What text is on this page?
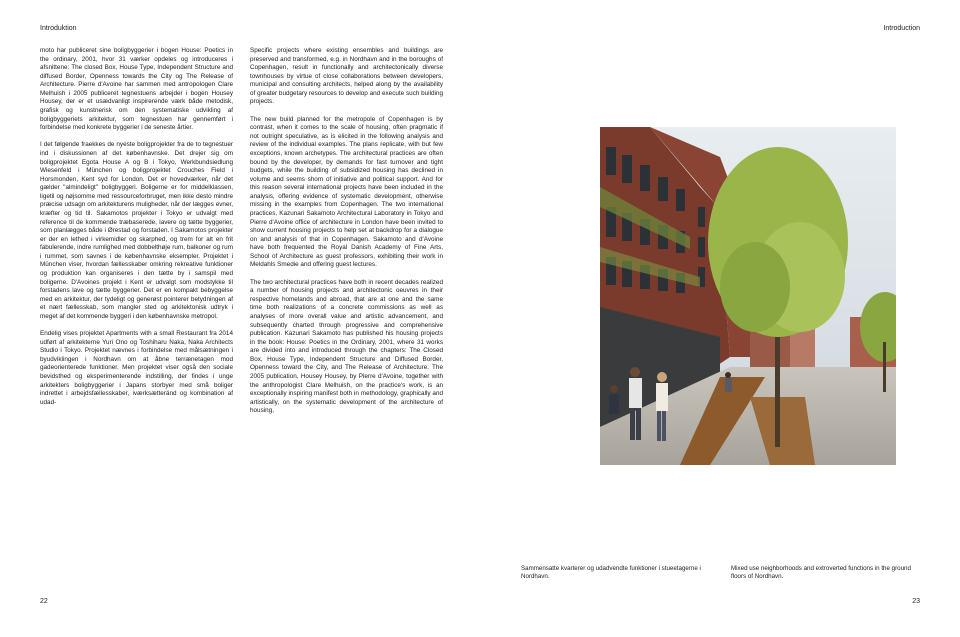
Introduktion	Introduction

moto har publiceret sine boligbyggerier i bogen House: Poetics in the ordinary, 2001, hvor 31 værker opdeles og introduceres i afsnittene: The closed Box, House Type, Independent Structure and diffused Border, Openness towards the City og The Release of Architecture. Pierre d'Avoine har sammen med antropologen Clare Melhuish i 2005 publiceret tegnestuens arbejder i bogen Housey Housey, der er et usædvanligt inspirerende værk både metodisk, grafisk og kunstnerisk om den systematiske udvikling af boligbyggeriets arkitektur, som tegnestuen har gennemført i forbindelse med konkrete byggerier i de seneste årtier.

I det følgende fraekkes de nyeste boligprojekter fra de to tegnestuer ind i diskussionen af det københavnske. Det drejer sig om boligprojektet Egota House A og B i Tokyo, Werkbundsiedlung Wiesenfeld i München og boligprojektet Crouches Field i Horsmonden, Kent syd for London. Det er hovedværker, når det gælder "almindeligt" boligbyggeri. Boligerne er for middelklassen, ligetil og nøjsomme med ressourceforbruget, men ikke desto mindre præcise udsagn om arkitekturens muligheder, når der lægges evner, kræfter og tid til. Sakamotos projekter i Tokyo er udvalgt med reference til de kommende træbaserede, lavere og tætte byggerier, som planlægges både i Ørestad og forstaden. I Sakamotos projekter er der en lethed i virkemidler og skarphed, og trem for alt en frit fabulerende, indre rumlighed med dobbelthøje rum, balkoner og rum i rummet, som savnes i de københavnske eksempler. Projektet i München viser, hvordan fællesskaber omkring rekreative funktioner og produktion kan organiseres i den tætte by i samspil med boligerne. D'Avoines projekt i Kent er udvalgt som modstykke til forstadens lave og tætte byggerier. Det er en kompakt bebyggelse med en arkitektur, der tydeligt og generøst pointerer betydningen af et nært fællesskab, som mangler sted og arkitektonisk udtryk i meget af det kommende byggeri i den københavnske metropol.

Endelig vises projektet Apartments with a small Restaurant fra 2014 udført af arkitekterne Yuri Ono og Toshiharu Naka, Naka Architects Studio i Tokyo. Projektet nævnes i forbindelse med målsætningen i byudviklingen i Nordhavn om at åbne terrænetagen mod gadeorienterede funktioner. Men projektet viser også den sociale bevidsthed og eksperimenterende indstilling, der findes i unge arkitekters boligbyggerier i Japans storbyer med små boliger indrettet i arbejdsfællesskaber, iværksætteränd og kombination af udad-

Specific projects where existing ensembles and buildings are preserved and transformed, e.g. in Nordhavn and in the boroughs of Copenhagen, result in functionally and architectonically diverse townhouses by virtue of close collaborations between developers, municipal and consulting architects, helped along by the availability of greater budgetary resources to develop and execute such building projects.

The new build planned for the metropole of Copenhagen is by contrast, when it comes to the scale of housing, often pragmatic if not outright speculative, as is elicited in the following analysis and review of the individual examples. The plans replicate, with but few exceptions, known archetypes. The architectural practices are often bound by the developer, by demands for fast turnover and tight budgets, while the building of subsidized housing has declined in volume and seems shorn of initiative and political support. And for this reason several international projects have been included in the analysis, offering evidence of systematic development, otherwise missing in the examples from Copenhagen. The two international practices, Kazunari Sakamoto Architectural Laboratory in Tokyo and Pierre d'Avoine office of architecture in London have been invited to show current housing projects to help set at backdrop for a dialogue on and analysis of that in Copenhagen. Sakamoto and d'Avoine have both frequented the Royal Danish Academy of Fine Arts, School of Architecture as guest professors, exhibiting their work in Meldahls Smedie and offering guest lectures.

The two architectural practices have both in recent decades realized a number of housing projects and architectonic oeuvres in their respective homelands and abroad, that are at one and the same time both realizations of a concrete commissions as well as analyses of more overall value and artistic advancement, and subsequently charted through progressive and comprehensive publication. Kazunari Sakamoto has published his housing projects in the book: House: Poetics in the Ordinary, 2001, where 31 works are divided into and introduced through the chapters: The Closed Box, House Type, Independent Structure and Diffused Border, Openness toward the City, and The Release of Architecture. The 2005 publication, Housey Housey, by Pierre d'Avoine, together with the anthropologist Clare Melhuish, on the practice's work, is an exceptionally inspiring manifest both in methodology, graphically and artistically, on the systematic development of the architecture of housing,

Sammensatte kvarterer og udadvendte funktioner i stueetagerne i Nordhavn.
Mixed use neighborhoods and extroverted functions in the ground floors of Nordhavn.
22	23
